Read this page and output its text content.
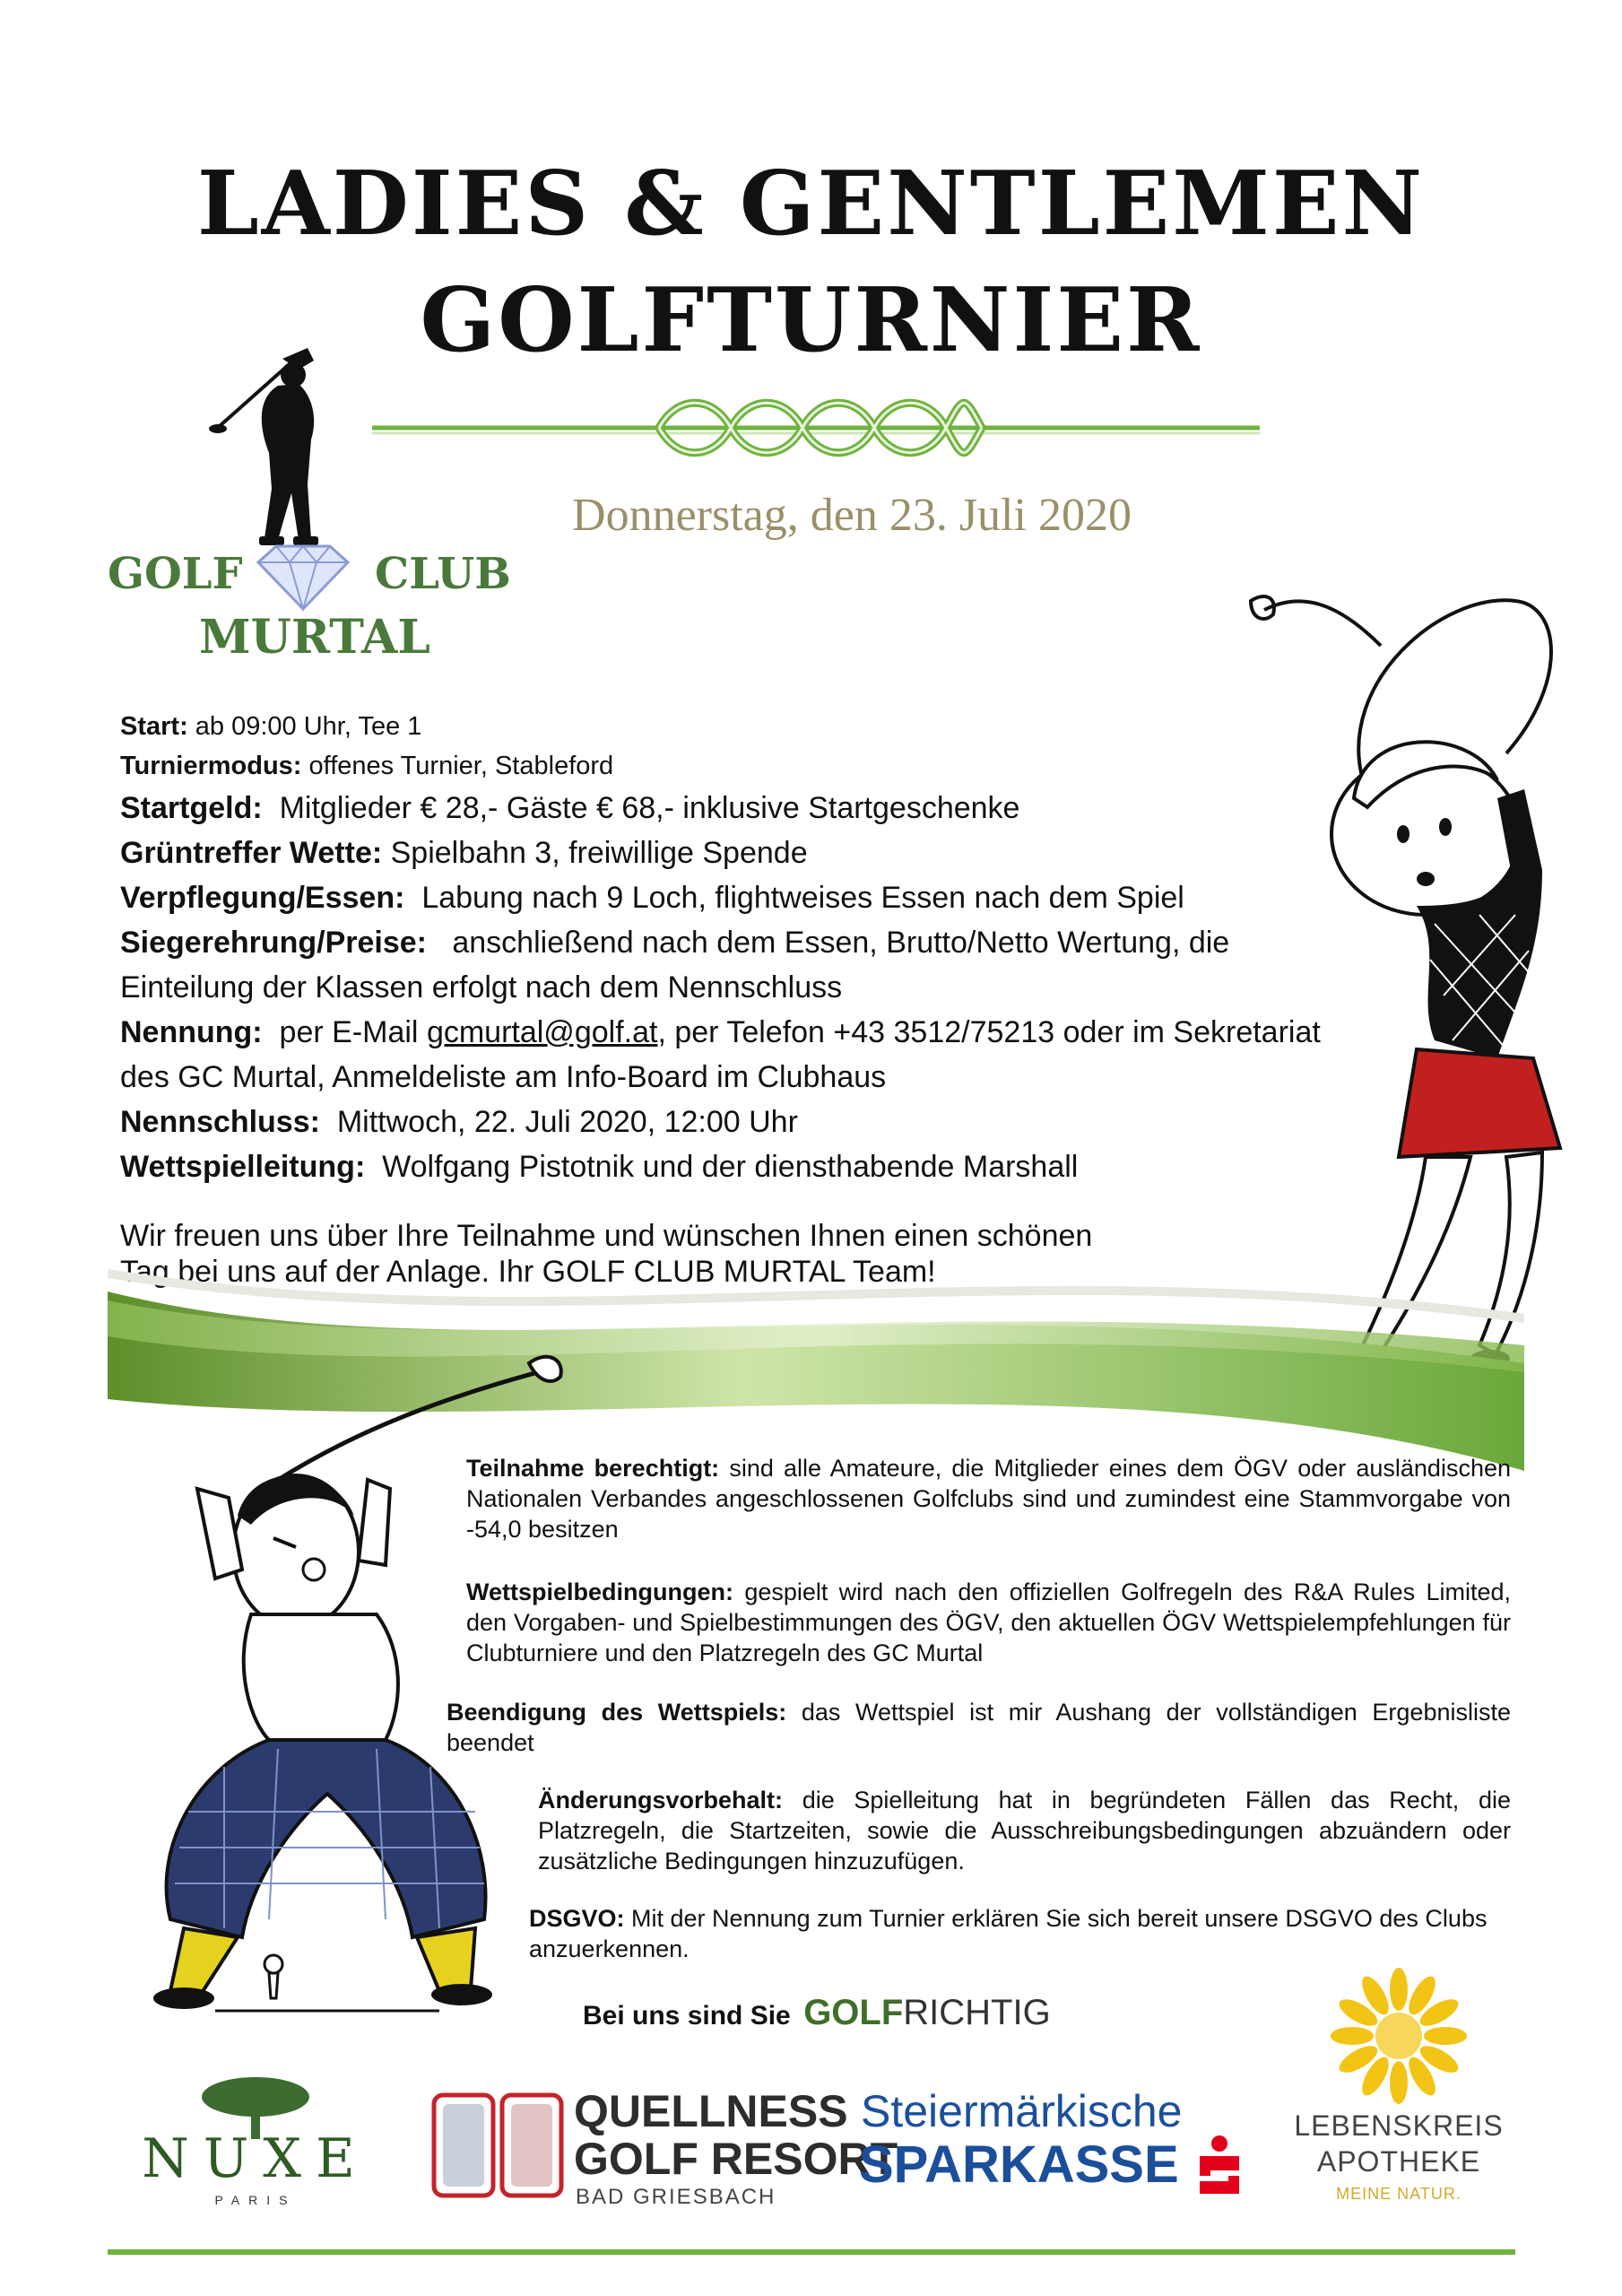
LADIES & GENTLEMEN
GOLFTURNIER
Donnerstag, den 23. Juli 2020
GOLF	CLUB
MURTAL
Start: ab 09:00 Uhr, Tee 1
Turniermodus: offenes Turnier, Stableford
Startgeld: Mitglieder € 28,- Gäste € 68,- inklusive Startgeschenke
Grüntreffer Wette: Spielbahn 3, freiwillige Spende
Verpflegung/Essen: Labung nach 9 Loch, flightweises Essen nach dem Spiel
Siegerehrung/Preise: anschließend nach dem Essen, Brutto/Netto Wertung, die
Einteilung der Klassen erfolgt nach dem Nennschluss
Nennung: per E-Mail gcmurtal@golf.at, per Telefon +43 3512/75213 oder im Sekretariat
des GC Murtal, Anmeldeliste am Info-Board im Clubhaus
Nennschluss: Mittwoch, 22. Juli 2020, 12:00 Uhr
Wettspielleitung: Wolfgang Pistotnik und der diensthabende Marshall
Wir freuen uns über Ihre Teilnahme und wünschen Ihnen einen schönen
Tag bei uns auf der Anlage. Ihr GOLF CLUB MURTAL Team!
Teilnahme berechtigt: sind alle Amateure, die Mitglieder eines dem ÖGV oder ausländischen Nationalen Verbandes angeschlossenen Golfclubs sind und zumindest eine Stammvorgabe von -54,0 besitzen
Wettspielbedingungen: gespielt wird nach den offiziellen Golfregeln des R&A Rules Limited, den Vorgaben- und Spielbestimmungen des ÖGV, den aktuellen ÖGV Wettspielempfehlungen für Clubturniere und den Platzregeln des GC Murtal
Beendigung des Wettspiels: das Wettspiel ist mir Aushang der vollständigen Ergebnisliste beendet
Änderungsvorbehalt: die Spielleitung hat in begründeten Fällen das Recht, die Platzregeln, die Startzeiten, sowie die Ausschreibungsbedingungen abzuändern oder zusätzliche Bedingungen hinzuzufügen.
DSGVO: Mit der Nennung zum Turnier erklären Sie sich bereit unsere DSGVO des Clubs anzuerkennen.
Bei uns sind Sie GOLFRICHTIG
NUXE
PARIS
QUELLNESS
GOLF RESORT
BAD GRIESBACH
Steiermärkische
SPARKASSE
LEBENSKREIS
APOTHEKE
MEINE NATUR.
